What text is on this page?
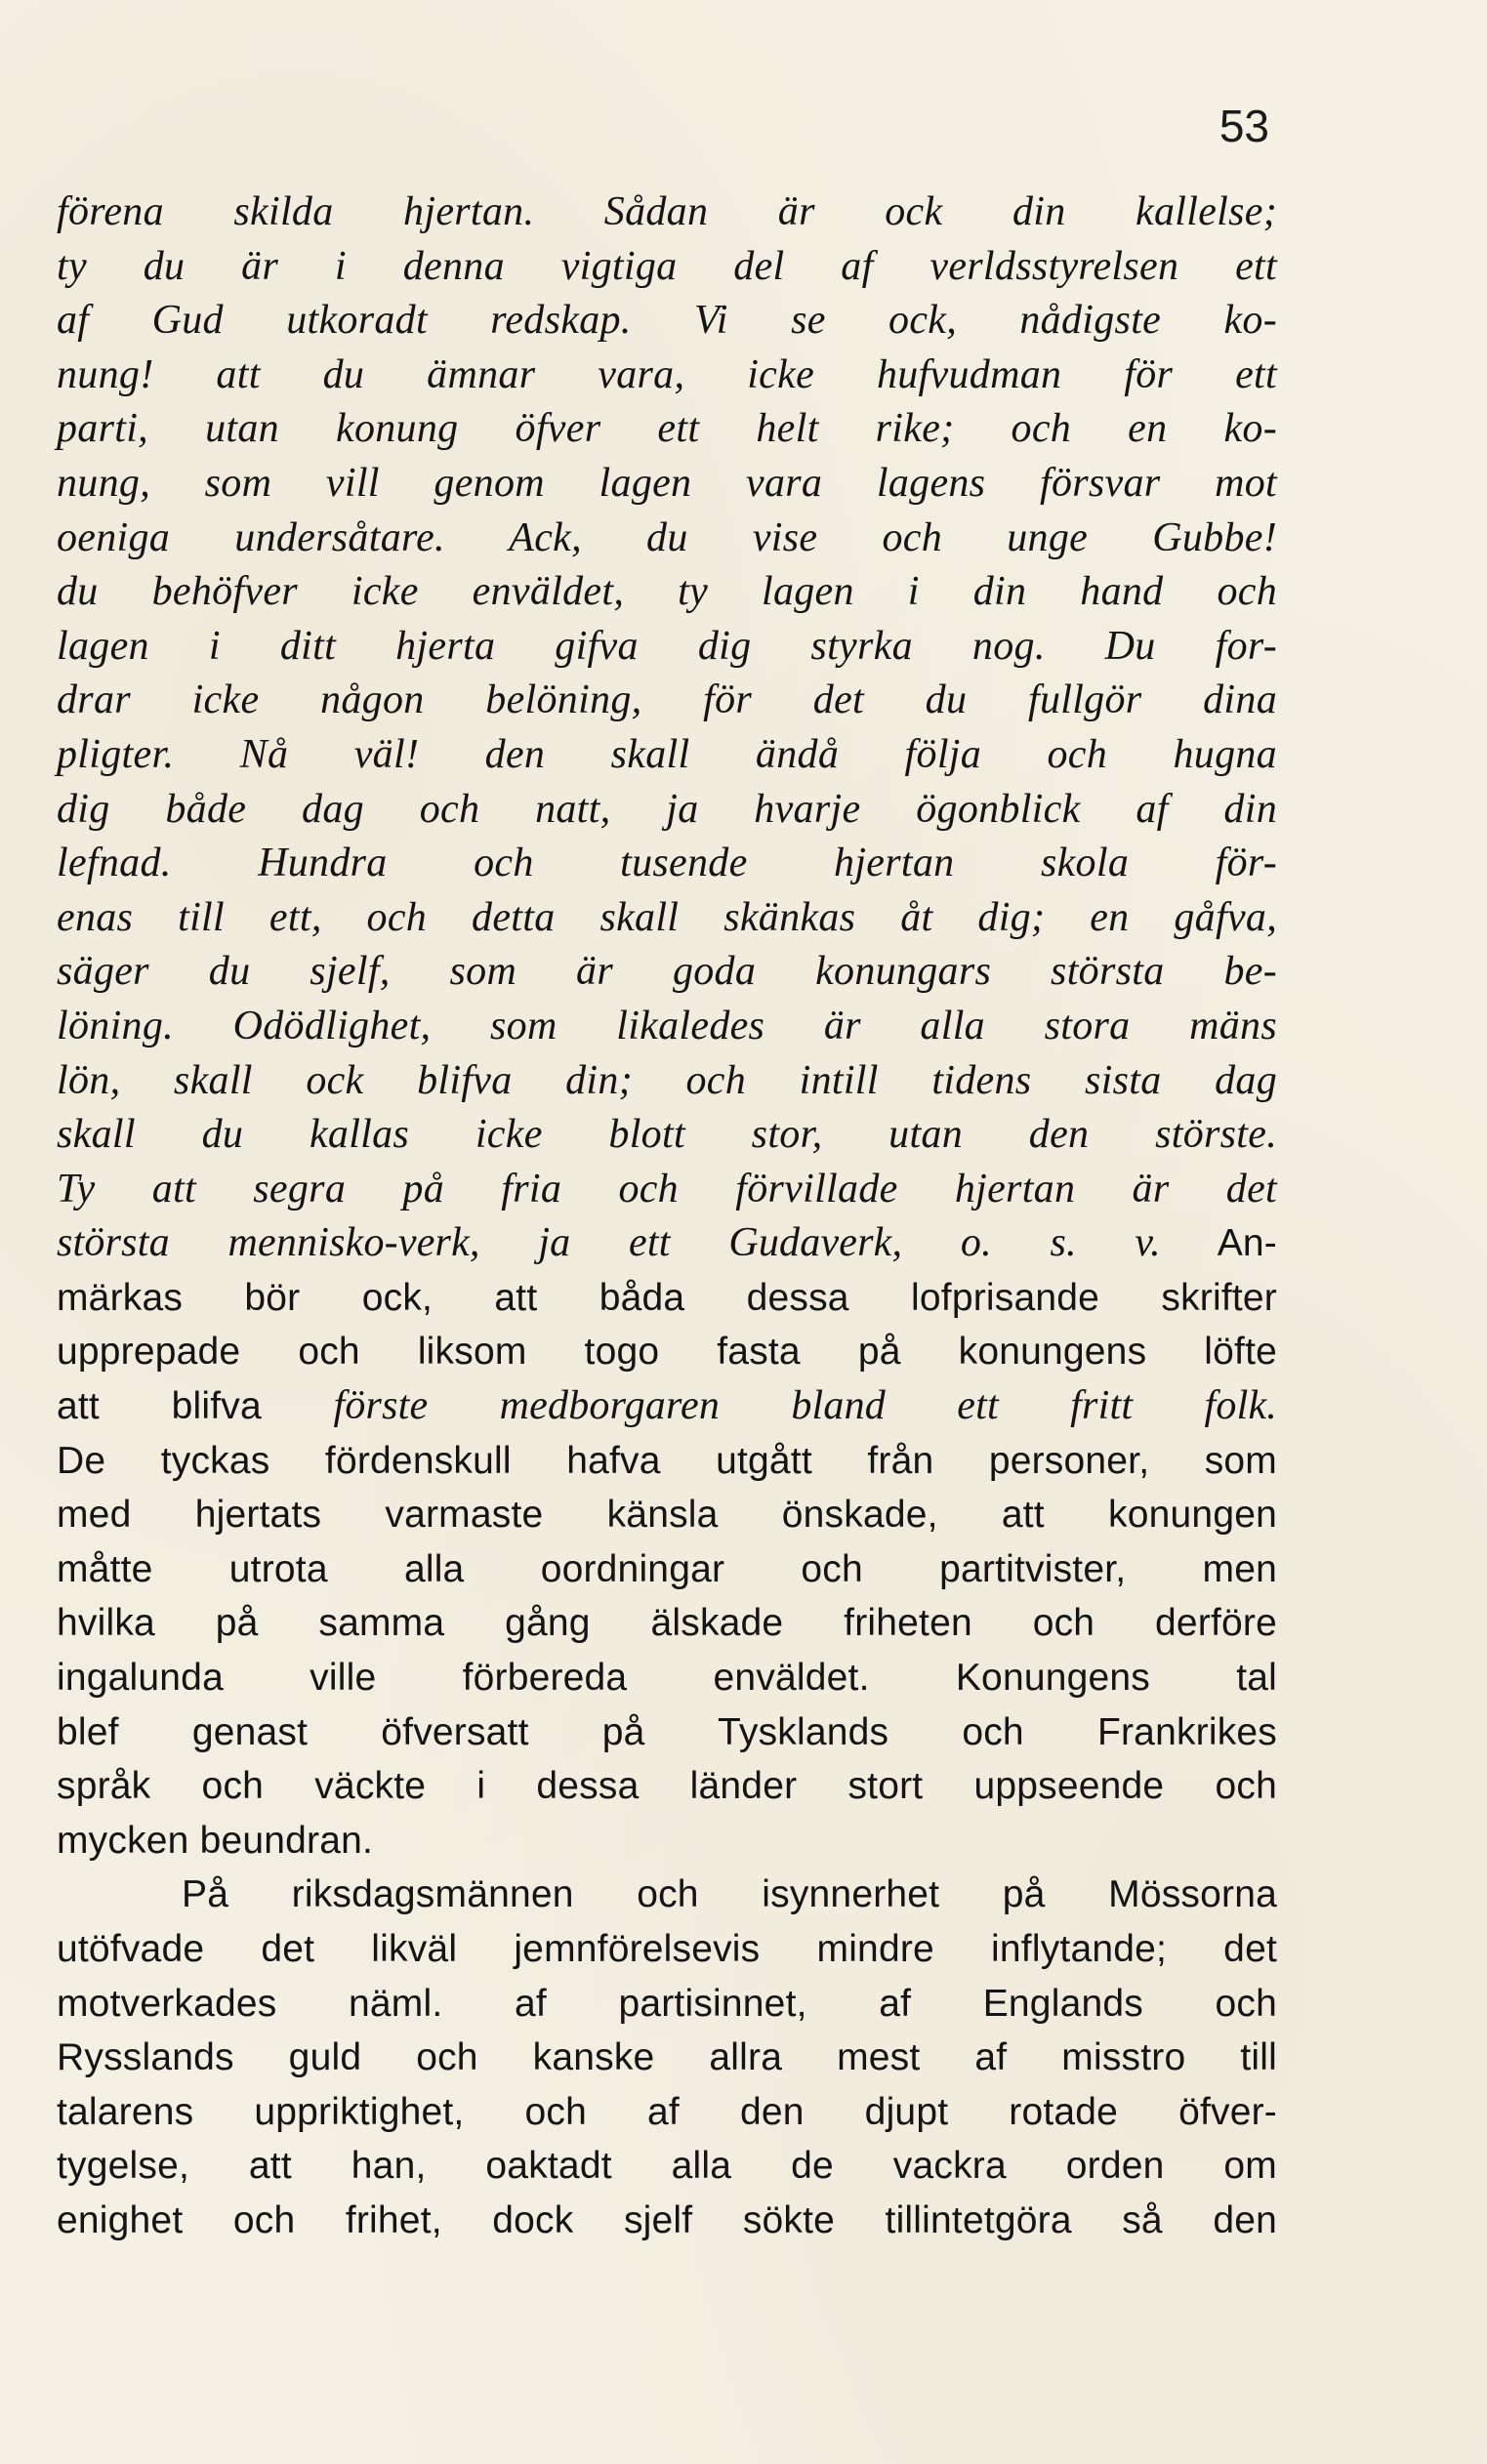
53
förena skilda hjertan. Sådan är ock din kallelse;
ty du är i denna vigtiga del af verldsstyrelsen ett
af Gud utkoradt redskap. Vi se ock, nådigste ko-
nung! att du ämnar vara, icke hufvudman för ett
parti, utan konung öfver ett helt rike; och en ko-
nung, som vill genom lagen vara lagens försvar mot
oeniga undersåtare. Ack, du vise och unge Gubbe!
du behöfver icke enväldet, ty lagen i din hand och
lagen i ditt hjerta gifva dig styrka nog. Du for-
drar icke någon belöning, för det du fullgör dina
pligter. Nå väl! den skall ändå följa och hugna
dig både dag och natt, ja hvarje ögonblick af din
lefnad. Hundra och tusende hjertan skola för-
enas till ett, och detta skall skänkas åt dig; en gåfva,
säger du sjelf, som är goda konungars största be-
löning. Odödlighet, som likaledes är alla stora mäns
lön, skall ock blifva din; och intill tidens sista dag
skall du kallas icke blott stor, utan den störste.
Ty att segra på fria och förvillade hjertan är det
största mennisko-verk, ja ett Gudaverk, o. s. v. An-
märkas bör ock, att båda dessa lofprisande skrifter
upprepade och liksom togo fasta på konungens löfte
att blifva förste medborgaren bland ett fritt folk.
De tyckas fördenskull hafva utgått från personer, som
med hjertats varmaste känsla önskade, att konungen
måtte utrota alla oordningar och partitvister, men
hvilka på samma gång älskade friheten och derföre
ingalunda ville förbereda enväldet. Konungens tal
blef genast öfversatt på Tysklands och Frankrikes
språk och väckte i dessa länder stort uppseende och
mycken beundran.
På riksdagsmännen och isynnerhet på Mössorna
utöfvade det likväl jemnförelsevis mindre inflytande; det
motverkades näml. af partisinnet, af Englands och
Rysslands guld och kanske allra mest af misstro till
talarens uppriktighet, och af den djupt rotade öfver-
tygelse, att han, oaktadt alla de vackra orden om
enighet och frihet, dock sjelf sökte tillintetgöra så den
